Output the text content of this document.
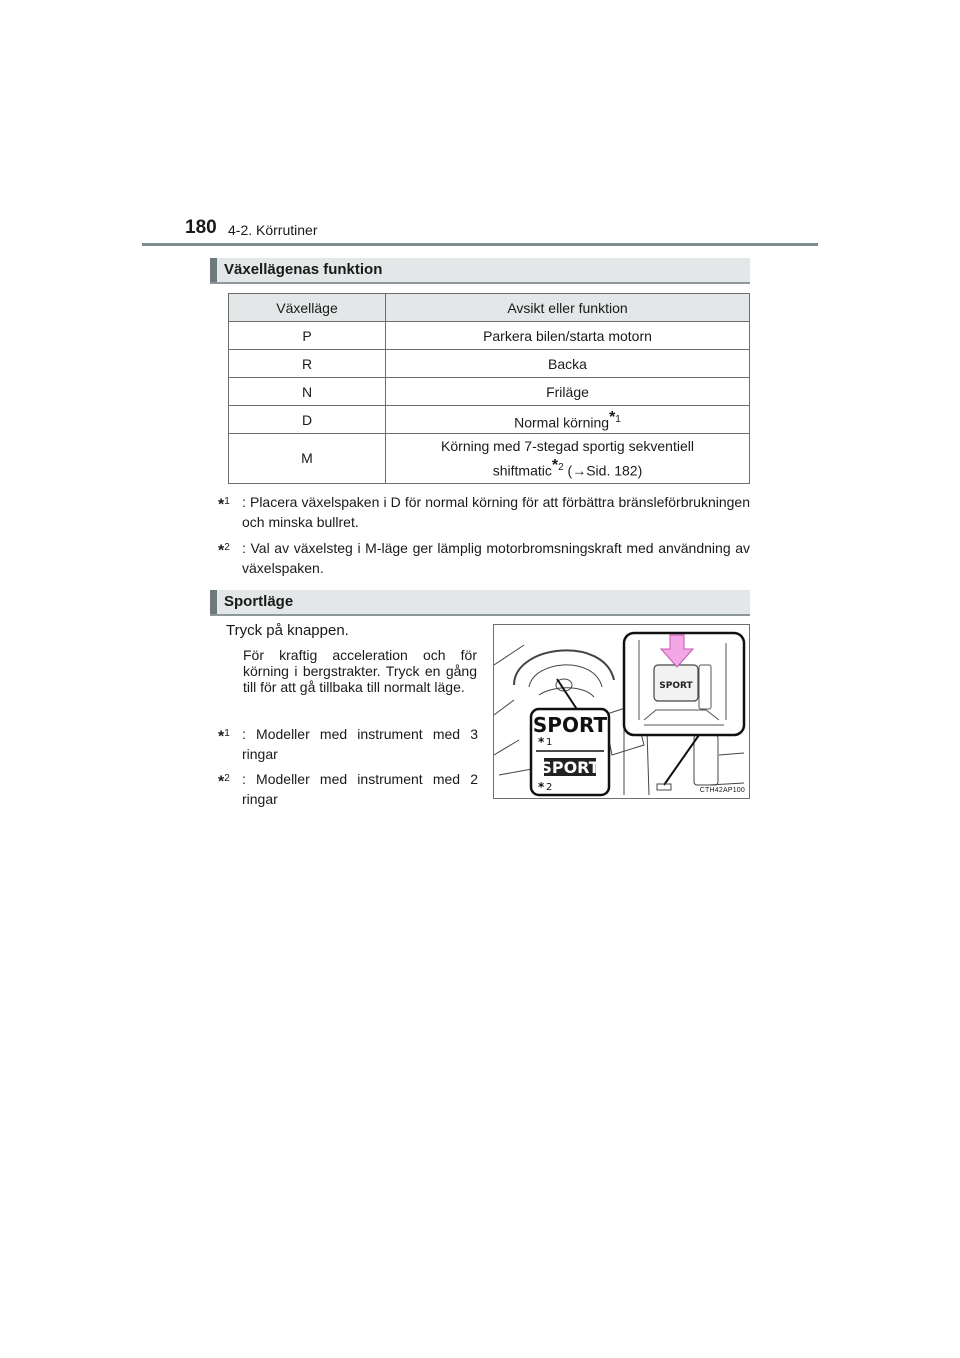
180 4-2. Körrutiner
Växellägenas funktion
Växelläge	Avsikt eller funktion
P	Parkera bilen/starta motorn
R	Backa
N	Friläge
D	Normal körning$^{*1}$
M	Körning med 7-stegad sportig sekventiell
shiftmatic$^{*2}$ (→Sid. 182)
*$^1$ : Placera växelspaken i D för normal körning för att förbättra bränsleförbrukningen och minska bullret.
*$^2$ : Val av växelsteg i M-läge ger lämplig motorbromsningskraft med användning av växelspaken.
Sportläge
Tryck på knappen.
För kraftig acceleration och för körning i bergstrakter. Tryck en gång till för att gå tillbaka till normalt läge.
*$^1$ : Modeller med instrument med 3 ringar
*$^2$ : Modeller med instrument med 2 ringar
SPORT
SPORT
* 1
SPORT
* 2	CTH42AP100
